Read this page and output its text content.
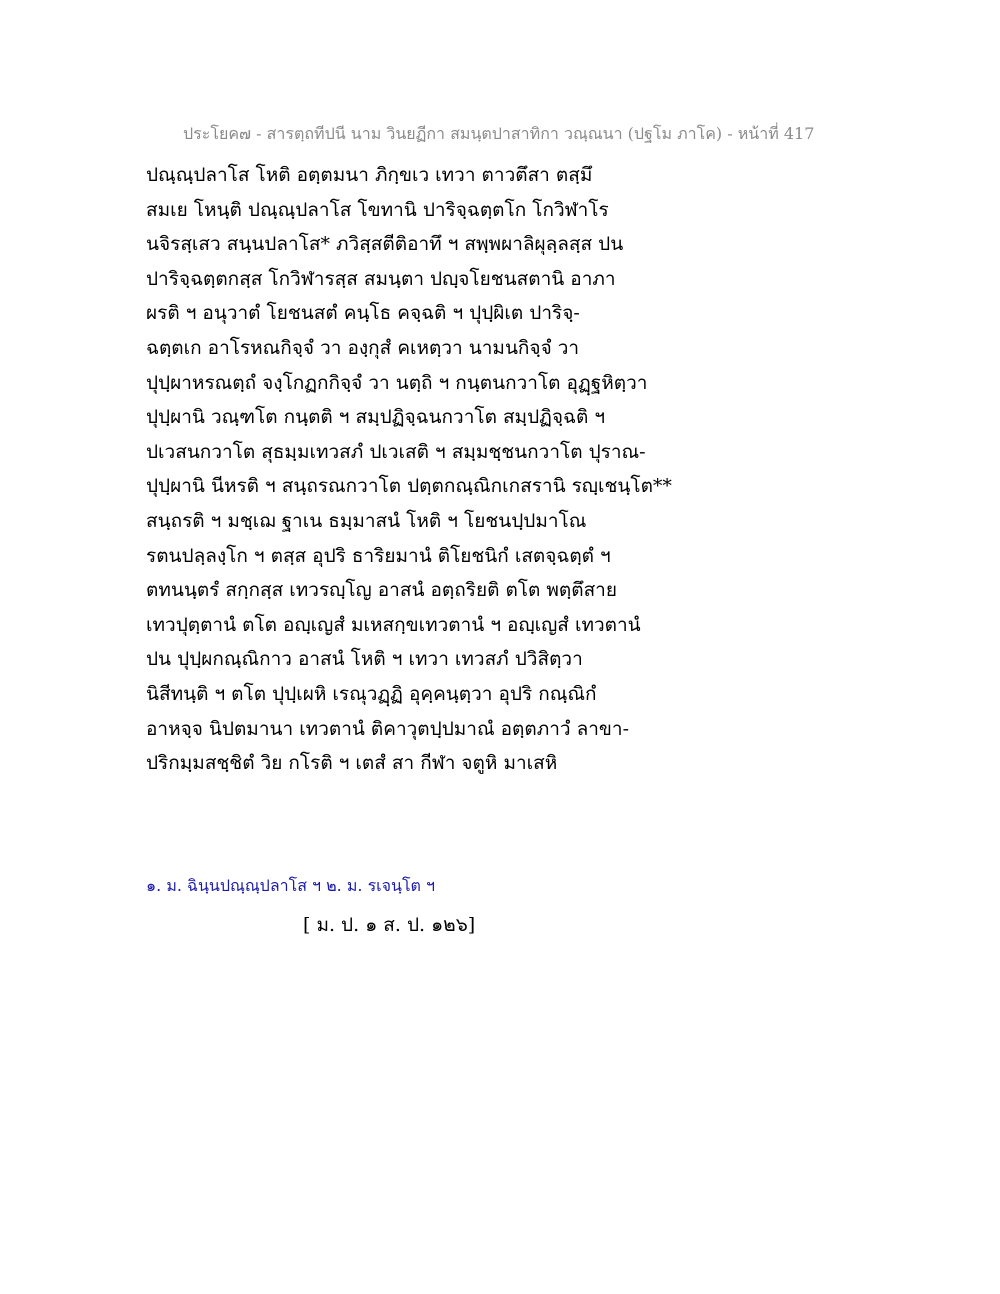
ประโยค๗ - สารตฺถทีปนี นาม วินยฏีกา สมนฺตปาสาทิกา วณฺณนา (ปฐโม ภาโค) - หน้าที่ 417
ปณฺณฺปลาโส โหติ อตฺตมนา ภิกฺขเว เทวา ตาวตึสา ตสฺมึ
สมเย โหนฺติ ปณฺณฺปลาโส โขทานิ ปาริจฺฉตฺตโก โกวิฬาโร
นจิรสฺเสว สนฺนปลาโส* ภวิสฺสตีติอาทึ ฯ สพฺพผาลิผุลฺลสฺส ปน
ปาริจฺฉตฺตกสฺส โกวิฬารสฺส สมนฺตา ปญฺจโยชนสตานิ อาภา
ผรติ ฯ อนุวาตํ โยชนสตํ คนฺโธ คจฺฉติ ฯ ปุปฺผิเต ปาริจฺ-
ฉตฺตเก อาโรหณกิจฺจํ วา องฺกุสํ คเหตฺวา นามนกิจฺจํ วา
ปุปฺผาหรณตฺถํ จงฺโกฏกกิจฺจํ วา นตฺถิ ฯ กนฺตนกวาโต อุฏฺฐหิตฺวา
ปุปฺผานิ วณฺฑโต กนฺตติ ฯ สมฺปฏิจฺฉนกวาโต สมฺปฏิจฺฉติ ฯ
ปเวสนกวาโต สุธมฺมเทวสภํ ปเวเสติ ฯ สมฺมชฺชนกวาโต ปุราณ-
ปุปฺผานิ นีหรติ ฯ สนฺถรณกวาโต ปตฺตกณฺณิกเกสรานิ รญฺเชนฺโต**
สนฺถรติ ฯ มชฺเฌ ฐาเน ธมฺมาสนํ โหติ ฯ โยชนปฺปมาโณ
รตนปลฺลงฺโก ฯ ตสฺส อุปริ ธาริยมานํ ติโยชนิกํ เสตจฺฉตฺตํ ฯ
ตทนนฺตรํ สกฺกสฺส เทวรญฺโญ อาสนํ อตฺถริยติ ตโต พตฺตึสาย
เทวปุตฺตานํ ตโต อญฺเญสํ มเหสกฺขเทวตานํ ฯ อญฺเญสํ เทวตานํ
ปน ปุปฺผกณฺณิกาว อาสนํ โหติ ฯ เทวา เทวสภํ ปวิสิตฺวา
นิสีทนฺติ ฯ ตโต ปุปฺเผหิ เรณุวฏฺฏิ อุคฺคนฺตฺวา อุปริ กณฺณิกํ
อาหจฺจ นิปตมานา เทวตานํ ติคาวุตปฺปมาณํ อตฺตภาวํ ลาขา-
ปริกมฺมสชฺชิตํ วิย กโรติ ฯ เตสํ สา กีฬา จตูหิ มาเสหิ
๑. ม. ฉินฺนปณฺณฺปลาโส ฯ ๒. ม. รเจนฺโต ฯ
[ ม. ป. ๑ ส. ป. ๑๒๖]
